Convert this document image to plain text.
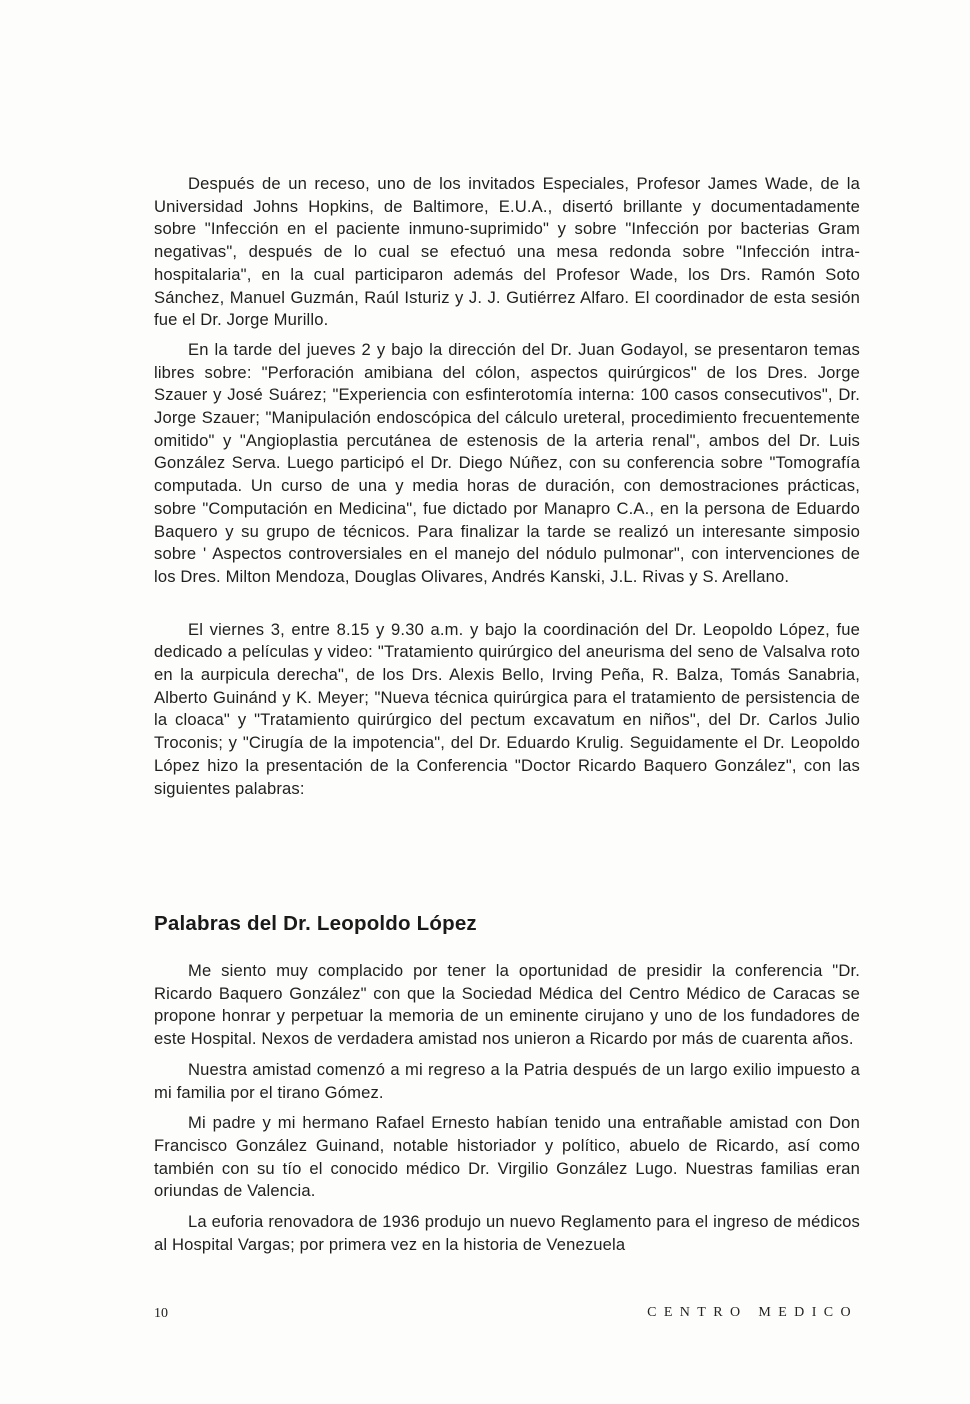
Después de un receso, uno de los invitados Especiales, Profesor James Wade, de la Universidad Johns Hopkins, de Baltimore, E.U.A., disertó brillante y documentadamente sobre "Infección en el paciente inmuno-suprimido" y sobre "Infección por bacterias Gram negativas", después de lo cual se efectuó una mesa redonda sobre "Infección intra-hospitalaria", en la cual participaron además del Profesor Wade, los Drs. Ramón Soto Sánchez, Manuel Guzmán, Raúl Isturiz y J. J. Gutiérrez Alfaro. El coordinador de esta sesión fue el Dr. Jorge Murillo.

En la tarde del jueves 2 y bajo la dirección del Dr. Juan Godayol, se presentaron temas libres sobre: "Perforación amibiana del cólon, aspectos quirúrgicos" de los Dres. Jorge Szauer y José Suárez; "Experiencia con esfinterotomía interna: 100 casos consecutivos", Dr. Jorge Szauer; "Manipulación endoscópica del cálculo ureteral, procedimiento frecuentemente omitido" y "Angioplastia percutánea de estenosis de la arteria renal", ambos del Dr. Luis González Serva. Luego participó el Dr. Diego Núñez, con su conferencia sobre "Tomografía computada. Un curso de una y media horas de duración, con demostraciones prácticas, sobre "Computación en Medicina", fue dictado por Manapro C.A., en la persona de Eduardo Baquero y su grupo de técnicos. Para finalizar la tarde se realizó un interesante simposio sobre ' Aspectos controversiales en el manejo del nódulo pulmonar", con intervenciones de los Dres. Milton Mendoza, Douglas Olivares, Andrés Kanski, J.L. Rivas y S. Arellano.

El viernes 3, entre 8.15 y 9.30 a.m. y bajo la coordinación del Dr. Leopoldo López, fue dedicado a películas y video: "Tratamiento quirúrgico del aneurisma del seno de Valsalva roto en la aurpicula derecha", de los Drs. Alexis Bello, Irving Peña, R. Balza, Tomás Sanabria, Alberto Guinánd y K. Meyer; "Nueva técnica quirúrgica para el tratamiento de persistencia de la cloaca" y "Tratamiento quirúrgico del pectum excavatum en niños", del Dr. Carlos Julio Troconis; y "Cirugía de la impotencia", del Dr. Eduardo Krulig. Seguidamente el Dr. Leopoldo López hizo la presentación de la Conferencia "Doctor Ricardo Baquero González", con las siguientes palabras:

Palabras del Dr. Leopoldo López

Me siento muy complacido por tener la oportunidad de presidir la conferencia "Dr. Ricardo Baquero González" con que la Sociedad Médica del Centro Médico de Caracas se propone honrar y perpetuar la memoria de un eminente cirujano y uno de los fundadores de este Hospital. Nexos de verdadera amistad nos unieron a Ricardo por más de cuarenta años.

Nuestra amistad comenzó a mi regreso a la Patria después de un largo exilio impuesto a mi familia por el tirano Gómez.

Mi padre y mi hermano Rafael Ernesto habían tenido una entrañable amistad con Don Francisco González Guinand, notable historiador y político, abuelo de Ricardo, así como también con su tío el conocido médico Dr. Virgilio González Lugo. Nuestras familias eran oriundas de Valencia.

La euforia renovadora de 1936 produjo un nuevo Reglamento para el ingreso de médicos al Hospital Vargas; por primera vez en la historia de Venezuela

10	CENTRO MEDICO
